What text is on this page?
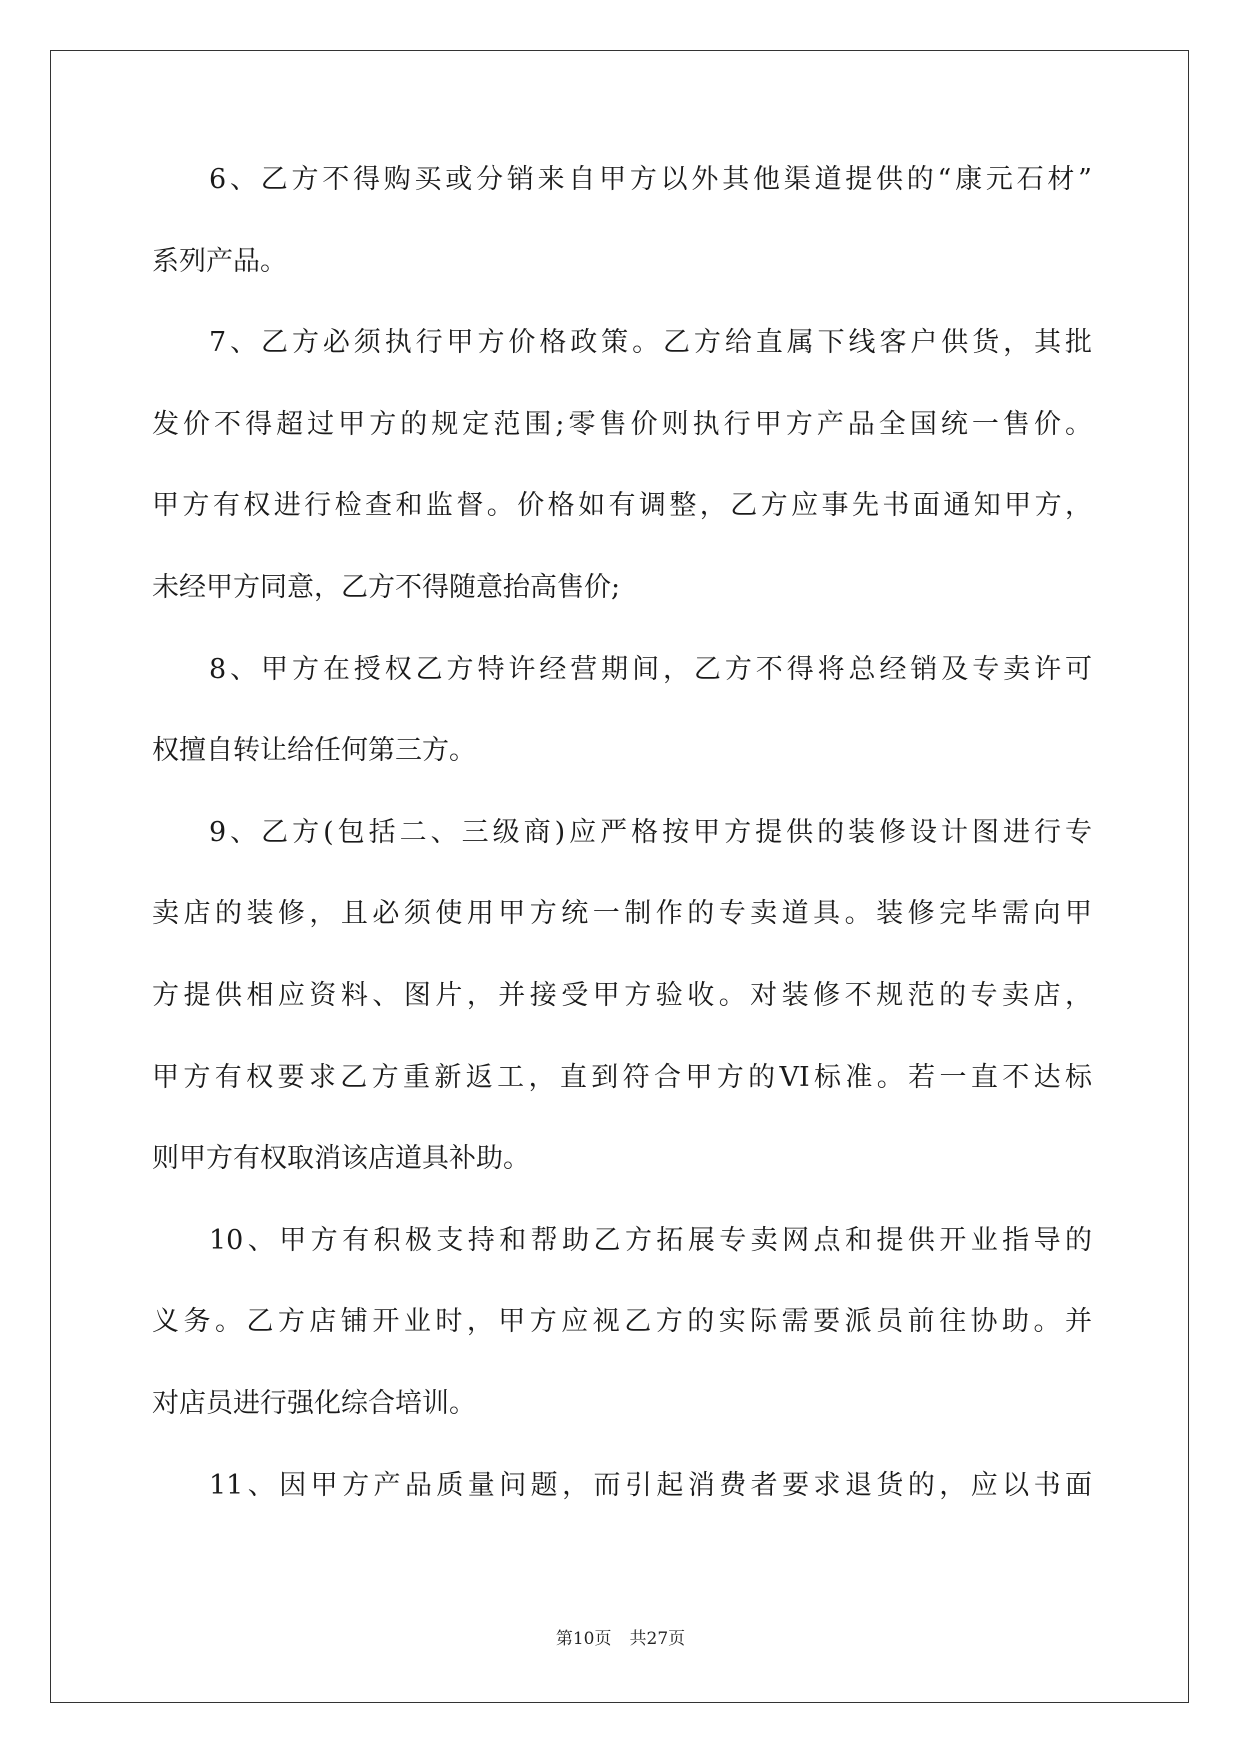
6、乙方不得购买或分销来自甲方以外其他渠道提供的“康元石材”
系列产品。
7、乙方必须执行甲方价格政策。乙方给直属下线客户供货，其批
发价不得超过甲方的规定范围;零售价则执行甲方产品全国统一售价。
甲方有权进行检查和监督。价格如有调整，乙方应事先书面通知甲方，
未经甲方同意，乙方不得随意抬高售价;
8、甲方在授权乙方特许经营期间，乙方不得将总经销及专卖许可
权擅自转让给任何第三方。
9、乙方(包括二、三级商)应严格按甲方提供的装修设计图进行专
卖店的装修，且必须使用甲方统一制作的专卖道具。装修完毕需向甲
方提供相应资料、图片，并接受甲方验收。对装修不规范的专卖店，
甲方有权要求乙方重新返工，直到符合甲方的VI标准。若一直不达标
则甲方有权取消该店道具补助。
10、甲方有积极支持和帮助乙方拓展专卖网点和提供开业指导的
义务。乙方店铺开业时，甲方应视乙方的实际需要派员前往协助。并
对店员进行强化综合培训。
11、因甲方产品质量问题，而引起消费者要求退货的，应以书面
第10页 共27页
